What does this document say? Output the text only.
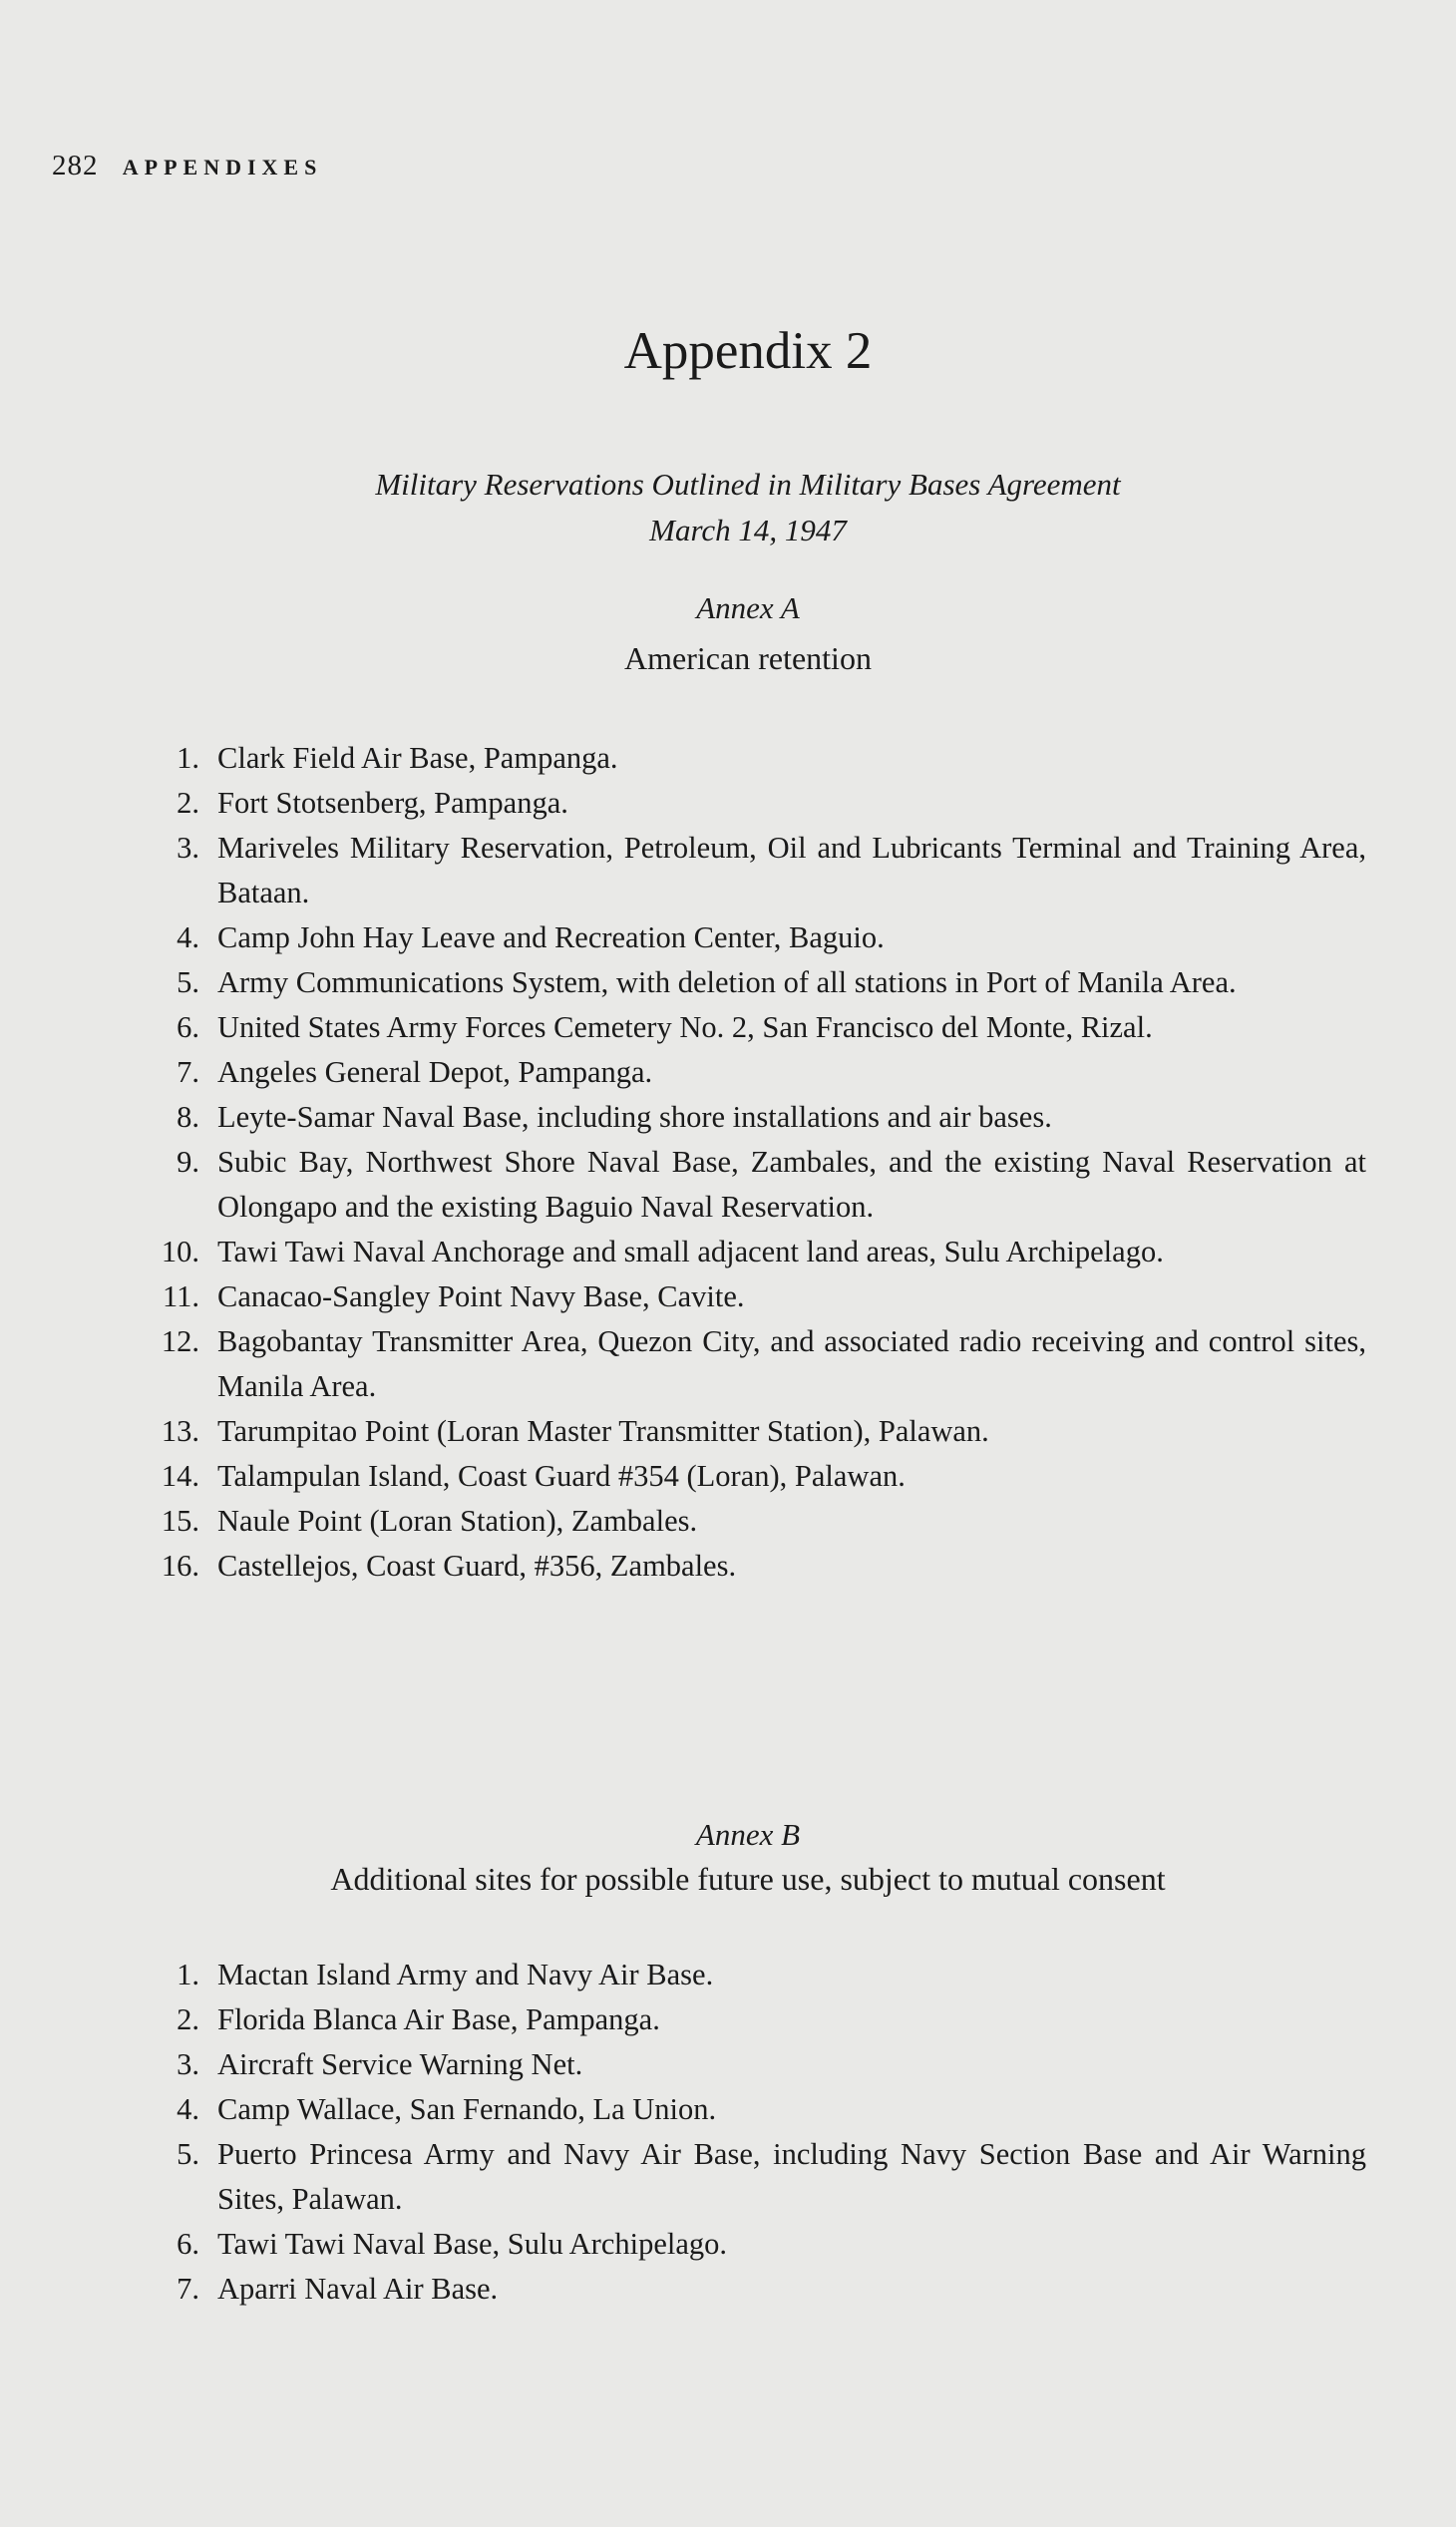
282 APPENDIXES
Appendix 2
Military Reservations Outlined in Military Bases Agreement
March 14, 1947
Annex A
American retention
1. Clark Field Air Base, Pampanga.
2. Fort Stotsenberg, Pampanga.
3. Mariveles Military Reservation, Petroleum, Oil and Lubricants Terminal and Training Area, Bataan.
4. Camp John Hay Leave and Recreation Center, Baguio.
5. Army Communications System, with deletion of all stations in Port of Manila Area.
6. United States Army Forces Cemetery No. 2, San Francisco del Monte, Rizal.
7. Angeles General Depot, Pampanga.
8. Leyte-Samar Naval Base, including shore installations and air bases.
9. Subic Bay, Northwest Shore Naval Base, Zambales, and the existing Naval Reservation at Olongapo and the existing Baguio Naval Reservation.
10. Tawi Tawi Naval Anchorage and small adjacent land areas, Sulu Archipelago.
11. Canacao-Sangley Point Navy Base, Cavite.
12. Bagobantay Transmitter Area, Quezon City, and associated radio receiving and control sites, Manila Area.
13. Tarumpitao Point (Loran Master Transmitter Station), Palawan.
14. Talampulan Island, Coast Guard #354 (Loran), Palawan.
15. Naule Point (Loran Station), Zambales.
16. Castellejos, Coast Guard, #356, Zambales.
Annex B
Additional sites for possible future use, subject to mutual consent
1. Mactan Island Army and Navy Air Base.
2. Florida Blanca Air Base, Pampanga.
3. Aircraft Service Warning Net.
4. Camp Wallace, San Fernando, La Union.
5. Puerto Princesa Army and Navy Air Base, including Navy Section Base and Air Warning Sites, Palawan.
6. Tawi Tawi Naval Base, Sulu Archipelago.
7. Aparri Naval Air Base.
